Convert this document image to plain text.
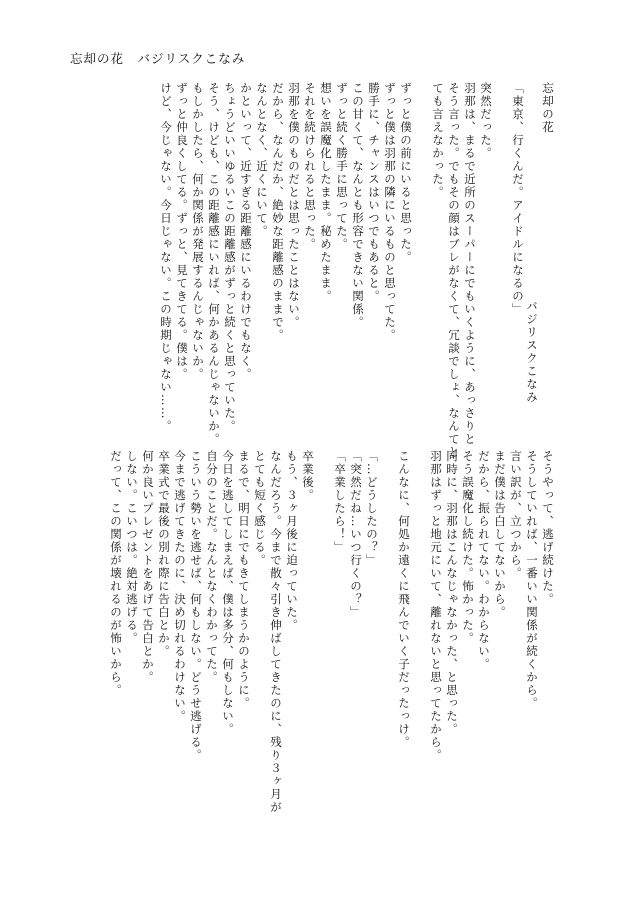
忘却の花　バジリスクこなみ
忘却の花
「東京、行くんだ。アイドルになるの」
突然だった。
羽那は、まるで近所のスーパーにでもいくように、あっさりと
そう言った。でもその顔はブレがなくて、冗談でしょ、なんてと
ても言えなかった。
ずっと僕の前にいると思った。
ずっと僕は羽那の隣にいるものと思ってた。
勝手に、チャンスはいつでもあると。
この甘くて、なんとも形容できない関係。
ずっと続く勝手に思ってた。
想いを誤魔化したまま。秘めたまま。
それを続けられると思った。
羽那を僕のものだとは思ったことはない。
だから、なんだか、絶妙な距離感のままで。
なんとなく、近くにいて。
かといって、近すぎる距離感にいるわけでもなく。
ちょうどいいゆるいこの距離感がずっと続くと思っていた。
そう、けども、この距離感にいれば、何かあるんじゃないか。
もしかしたら、何か関係が発展するんじゃないか。
ずっと仲良くしてる。ずっと、見てきてる。僕は。
けど、今じゃない。今日じゃない。この時期じゃない……。	バジリスクこなみ
そうやって、逃げ続けた。
そうしていれば、一番いい関係が続くから。
言い訳が、立つから。
まだ僕は告白してないから。
だから、振られてない。わからない。
そう誤魔化し続けた。怖かった。
同時に、羽那はこんなじゃなかった、と思った。
羽那はずっと地元にいて、離れないと思ってたから。
こんなに、何処か遠くに飛んでいく子だったっけ。
「…どうしたの？」
「突然だね…いつ行くの？」
「卒業したら！」
卒業後。
もう、３ヶ月後に迫っていた。
なんだろう。今まで散々引き伸ばしてきたのに、残り３ヶ月が
とても短く感じる。
まるで、明日にでもきてしまうかのように。
今日を逃してしまえば、僕は多分、何もしない。
自分のことだ。なんとなくわかってた。
こういう勢いを逃せば、何もしない。どうせ逃げる。
今まで逃げてきたのに、決め切れるわけない。
卒業式で最後の別れ際に告白とか。
何か良いプレゼントをあげて告白とか。
しない。こいつは。絶対逃げる。
だって、この関係が壊れるのが怖いから。
